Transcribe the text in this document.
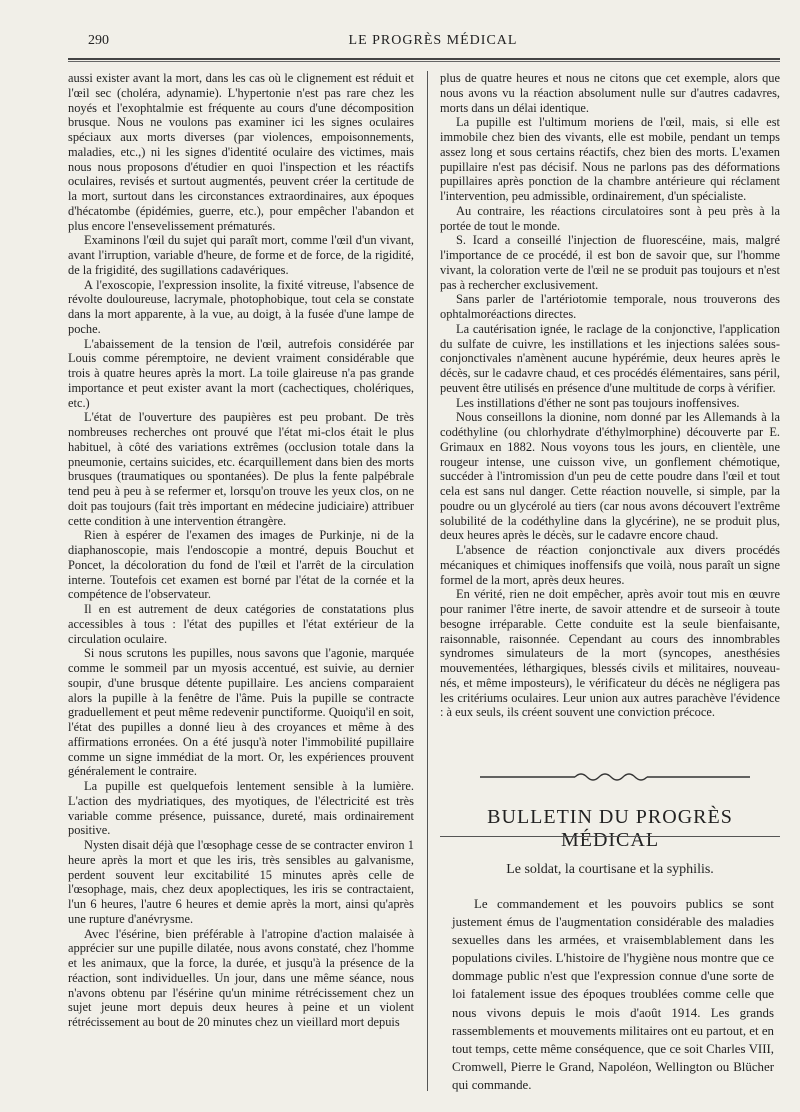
290	LE PROGRÈS MÉDICAL

aussi exister avant la mort, dans les cas où le clignement est réduit et l'œil sec (choléra, adynamie). L'hypertonie n'est pas rare chez les noyés et l'exophtalmie est fréquente au cours d'une décomposition brusque. Nous ne voulons pas examiner ici les signes oculaires spéciaux aux morts diverses (par violences, empoisonnements, maladies, etc.,) ni les signes d'identité oculaire des victimes, mais nous nous proposons d'étudier en quoi l'inspection et les réactifs oculaires, revisés et surtout augmentés, peuvent créer la certitude de la mort, surtout dans les circonstances extraordinaires, aux époques d'hécatombe (épidémies, guerre, etc.), pour empêcher l'abandon et plus encore l'ensevelissement prématurés.

Examinons l'œil du sujet qui paraît mort, comme l'œil d'un vivant, avant l'irruption, variable d'heure, de forme et de force, de la rigidité, de la frigidité, des sugillations cadavériques.

A l'exoscopie, l'expression insolite, la fixité vitreuse, l'absence de révolte douloureuse, lacrymale, photophobique, tout cela se constate dans la mort apparente, à la vue, au doigt, à la fusée d'une lampe de poche.

L'abaissement de la tension de l'œil, autrefois considérée par Louis comme péremptoire, ne devient vraiment considérable que trois à quatre heures après la mort. La toile glaireuse n'a pas grande importance et peut exister avant la mort (cachectiques, cholériques, etc.)

L'état de l'ouverture des paupières est peu probant. De très nombreuses recherches ont prouvé que l'état mi-clos était le plus habituel, à côté des variations extrêmes (occlusion totale dans la pneumonie, certains suicides, etc. écarquillement dans bien des morts brusques (traumatiques ou spontanées). De plus la fente palpébrale tend peu à peu à se refermer et, lorsqu'on trouve les yeux clos, on ne doit pas toujours (fait très important en médecine judiciaire) attribuer cette condition à une intervention étrangère.

Rien à espérer de l'examen des images de Purkinje, ni de la diaphanoscopie, mais l'endoscopie a montré, depuis Bouchut et Poncet, la décoloration du fond de l'œil et l'arrêt de la circulation interne. Toutefois cet examen est borné par l'état de la cornée et la compétence de l'observateur.

Il en est autrement de deux catégories de constatations plus accessibles à tous : l'état des pupilles et l'état extérieur de la circulation oculaire.

Si nous scrutons les pupilles, nous savons que l'agonie, marquée comme le sommeil par un myosis accentué, est suivie, au dernier soupir, d'une brusque détente pupillaire. Les anciens comparaient alors la pupille à la fenêtre de l'âme. Puis la pupille se contracte graduellement et peut même redevenir punctiforme. Quoiqu'il en soit, l'état des pupilles a donné lieu à des croyances et même à des affirmations erronées. On a été jusqu'à noter l'immobilité pupillaire comme un signe immédiat de la mort. Or, les expériences prouvent généralement le contraire.

La pupille est quelquefois lentement sensible à la lumière. L'action des mydriatiques, des myotiques, de l'électricité est très variable comme présence, puissance, dureté, mais ordinairement positive.

Nysten disait déjà que l'œsophage cesse de se contracter environ 1 heure après la mort et que les iris, très sensibles au galvanisme, perdent souvent leur excitabilité 15 minutes après celle de l'œsophage, mais, chez deux apoplectiques, les iris se contractaient, l'un 6 heures, l'autre 6 heures et demie après la mort, ainsi qu'après une rupture d'anévrysme.

Avec l'ésérine, bien préférable à l'atropine d'action malaisée à apprécier sur une pupille dilatée, nous avons constaté, chez l'homme et les animaux, que la force, la durée, et jusqu'à la présence de la réaction, sont individuelles. Un jour, dans une même séance, nous n'avons obtenu par l'ésérine qu'un minime rétrécissement chez un sujet jeune mort depuis deux heures à peine et un violent rétrécissement au bout de 20 minutes chez un vieillard mort depuis

plus de quatre heures et nous ne citons que cet exemple, alors que nous avons vu la réaction absolument nulle sur d'autres cadavres, morts dans un délai identique.

La pupille est l'ultimum moriens de l'œil, mais, si elle est immobile chez bien des vivants, elle est mobile, pendant un temps assez long et sous certains réactifs, chez bien des morts. L'examen pupillaire n'est pas décisif. Nous ne parlons pas des déformations pupillaires après ponction de la chambre antérieure qui réclament l'intervention, peu admissible, ordinairement, d'un spécialiste.

Au contraire, les réactions circulatoires sont à peu près à la portée de tout le monde.

S. Icard a conseillé l'injection de fluorescéine, mais, malgré l'importance de ce procédé, il est bon de savoir que, sur l'homme vivant, la coloration verte de l'œil ne se produit pas toujours et n'est pas à rechercher exclusivement.

Sans parler de l'artériotomie temporale, nous trouverons des ophtalmoréactions directes.

La cautérisation ignée, le raclage de la conjonctive, l'application du sulfate de cuivre, les instillations et les injections salées sous-conjonctivales n'amènent aucune hypérémie, deux heures après le décès, sur le cadavre chaud, et ces procédés élémentaires, sans péril, peuvent être utilisés en présence d'une multitude de corps à vérifier.

Les instillations d'éther ne sont pas toujours inoffensives.

Nous conseillons la dionine, nom donné par les Allemands à la codéthyline (ou chlorhydrate d'éthylmorphine) découverte par E. Grimaux en 1882. Nous voyons tous les jours, en clientèle, une rougeur intense, une cuisson vive, un gonflement chémotique, succéder à l'intromission d'un peu de cette poudre dans l'œil et tout cela est sans nul danger. Cette réaction nouvelle, si simple, par la poudre ou un glycérolé au tiers (car nous avons découvert l'extrême solubilité de la codéthyline dans la glycérine), ne se produit plus, deux heures après le décès, sur le cadavre encore chaud.

L'absence de réaction conjonctivale aux divers procédés mécaniques et chimiques inoffensifs que voilà, nous paraît un signe formel de la mort, après deux heures.

En vérité, rien ne doit empêcher, après avoir tout mis en œuvre pour ranimer l'être inerte, de savoir attendre et de surseoir à toute besogne irréparable. Cette conduite est la seule bienfaisante, raisonnable, raisonnée. Cependant au cours des innombrables syndromes simulateurs de la mort (syncopes, anesthésies mouvementées, léthargiques, blessés civils et militaires, nouveau-nés, et même imposteurs), le vérificateur du décès ne négligera pas les critériums oculaires. Leur union aux autres parachève l'évidence : à eux seuls, ils créent souvent une conviction précoce.

BULLETIN DU PROGRÈS MÉDICAL
Le soldat, la courtisane et la syphilis.

Le commandement et les pouvoirs publics se sont justement émus de l'augmentation considérable des maladies sexuelles dans les armées, et vraisemblablement dans les populations civiles. L'histoire de l'hygiène nous montre que ce dommage public n'est que l'expression connue d'une sorte de loi fatalement issue des époques troublées comme celle que nous vivons depuis le mois d'août 1914. Les grands rassemblements et mouvements militaires ont eu partout, et en tout temps, cette même conséquence, que ce soit Charles VIII, Cromwell, Pierre le Grand, Napoléon, Wellington ou Blücher qui commande.
